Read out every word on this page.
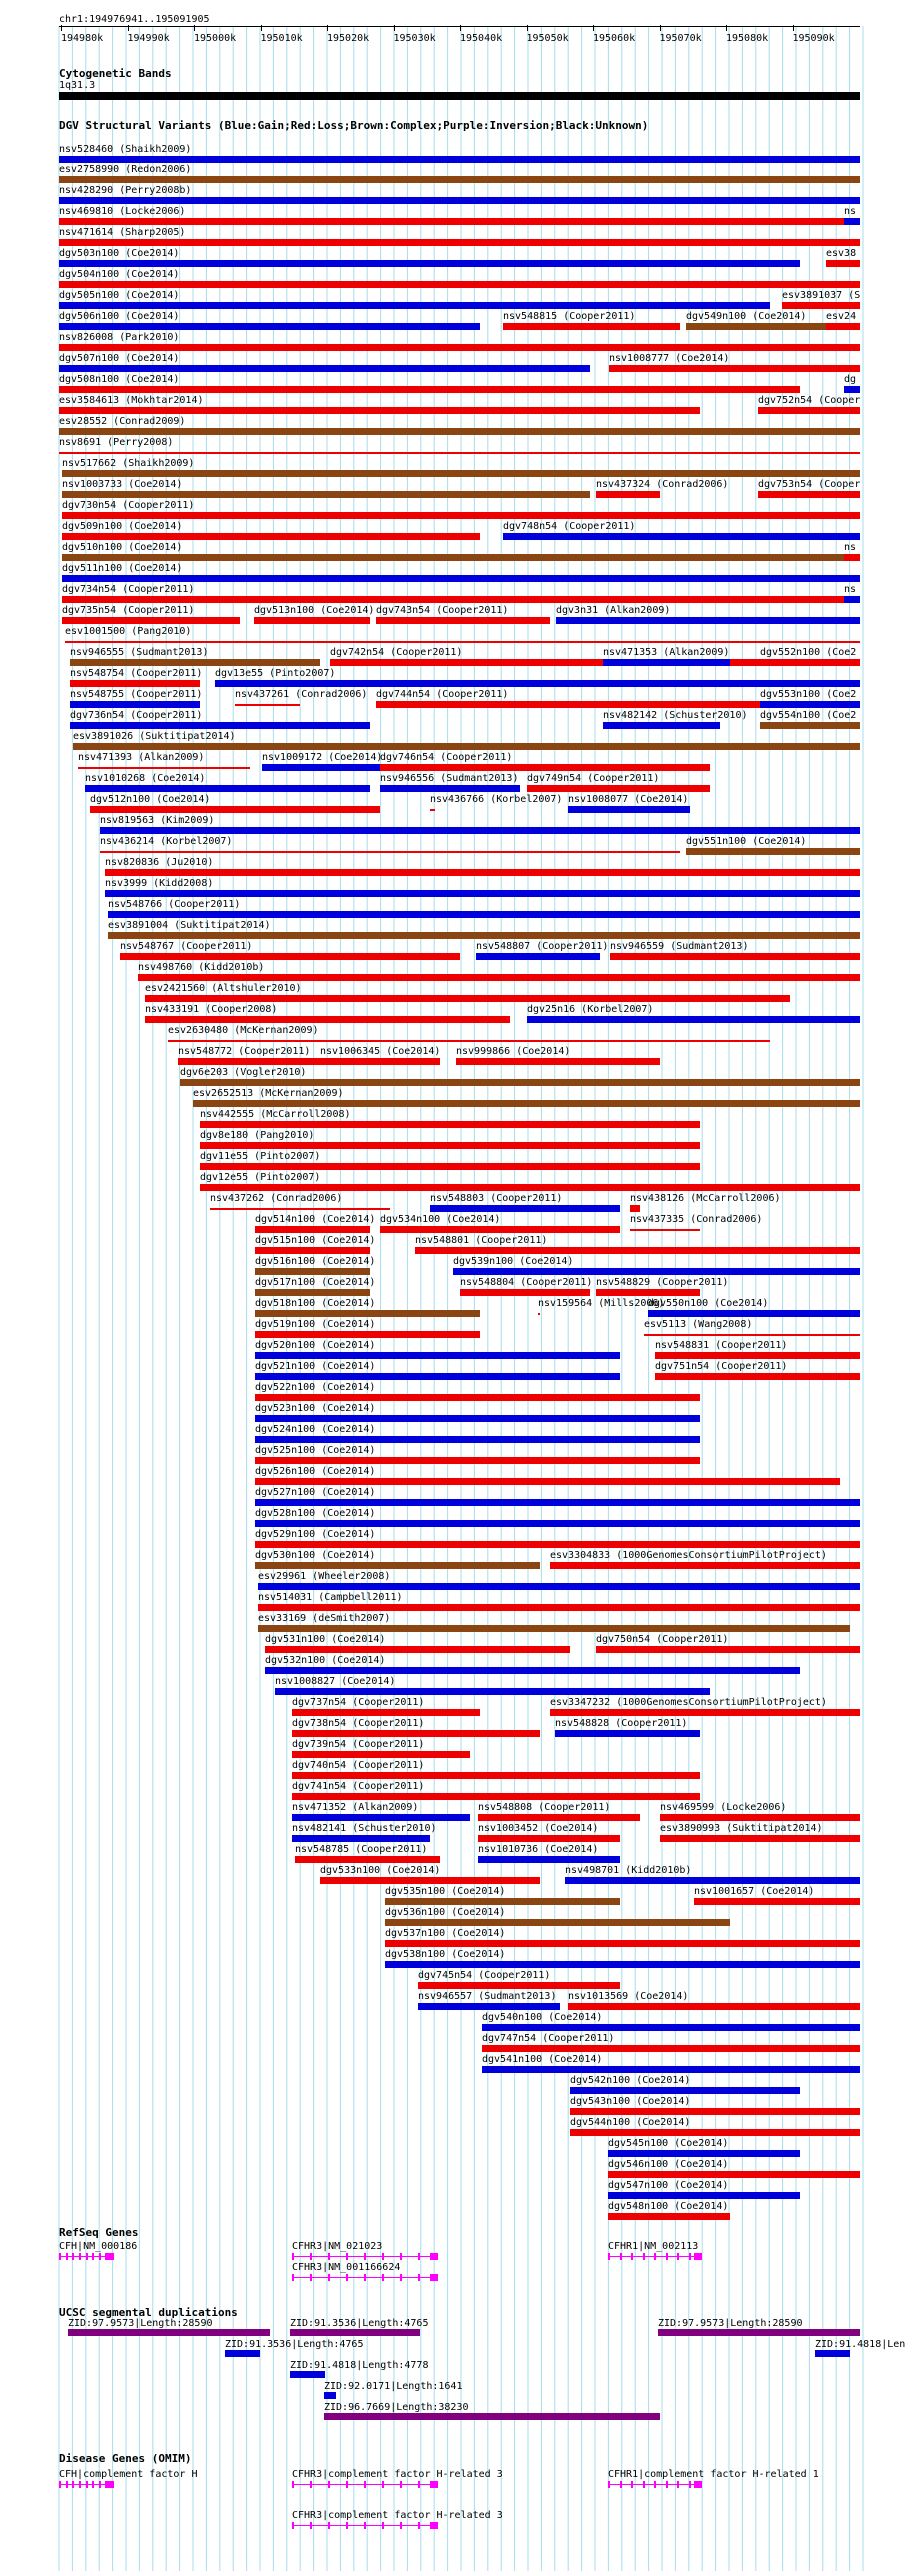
chr1:194976941..195091905
194980k 194990k 195000k 195010k 195020k 195030k 195040k 195050k 195060k 195070k 195080k 195090k
Cytogenetic Bands
1q31.3
DGV Structural Variants (Blue:Gain;Red:Loss;Brown:Complex;Purple:Inversion;Black:Unknown)
nsv528460 (Shaikh2009)
esv2758990 (Redon2006)
nsv428290 (Perry2008b)
nsv469810 (Locke2006)	ns
nsv471614 (Sharp2005)
dgv503n100 (Coe2014)	esv38
dgv504n100 (Coe2014)
dgv505n100 (Coe2014)	esv3891037 (S
dgv506n100 (Coe2014)	nsv548815 (Cooper2011)	dgv549n100 (Coe2014) esv24
nsv826008 (Park2010)
dgv507n100 (Coe2014)	nsv1008777 (Coe2014)
dgv508n100 (Coe2014)	dg
esv3584613 (Mokhtar2014)	dgv752n54 (Cooper
esv28552 (Conrad2009)
nsv8691 (Perry2008)
nsv517662 (Shaikh2009)
nsv1003733 (Coe2014)	nsv437324 (Conrad2006)	dgv753n54 (Cooper
dgv730n54 (Cooper2011)
dgv509n100 (Coe2014)	dgv748n54 (Cooper2011)
dgv510n100 (Coe2014)	ns
dgv511n100 (Coe2014)
dgv734n54 (Cooper2011)	ns
dgv735n54 (Cooper2011)	dgv513n100 (Coe2014) dgv743n54 (Cooper2011)	dgv3n31 (Alkan2009)
esv1001500 (Pang2010)
nsv946555 (Sudmant2013)	dgv742n54 (Cooper2011)	nsv471353 (Alkan2009)	dgv552n100 (Coe2
nsv548754 (Cooper2011) dgv13e55 (Pinto2007)
nsv548755 (Cooper2011)	nsv437261 (Conrad2006) dgv744n54 (Cooper2011)	dgv553n100 (Coe2
dgv736n54 (Cooper2011)	nsv482142 (Schuster2010) dgv554n100 (Coe2
esv3891026 (Suktitipat2014)
nsv471393 (Alkan2009)	nsv1009172 (Coe2014)
dgv746n54 (Cooper2011)
nsv1010268 (Coe2014)	nsv946556 (Sudmant2013) dgv749n54 (Cooper2011)
dgv512n100 (Coe2014)	nsv436766 (Korbel2007) nsv1008077 (Coe2014)
nsv819563 (Kim2009)
nsv436214 (Korbel2007)	dgv551n100 (Coe2014)
nsv820836 (Ju2010)
nsv3999 (Kidd2008)
nsv548766 (Cooper2011)
esv3891004 (Suktitipat2014)
nsv548767 (Cooper2011)	nsv548807 (Cooper2011) nsv946559 (Sudmant2013)
nsv498760 (Kidd2010b)
esv2421560 (Altshuler2010)
nsv433191 (Cooper2008)	dgv25n16 (Korbel2007)
esv2630480 (McKernan2009)
nsv548772 (Cooper2011) nsv1006345 (Coe2014) nsv999866 (Coe2014)
dgv6e203 (Vogler2010)
esv2652513 (McKernan2009)
nsv442555 (McCarroll2008)
dgv8e180 (Pang2010)
dgv11e55 (Pinto2007)
dgv12e55 (Pinto2007)
nsv437262 (Conrad2006)	nsv548803 (Cooper2011)	nsv438126 (McCarroll2006)
dgv514n100 (Coe2014) dgv534n100 (Coe2014)	nsv437335 (Conrad2006)
dgv515n100 (Coe2014)	nsv548801 (Cooper2011)
dgv516n100 (Coe2014)	dgv539n100 (Coe2014)
dgv517n100 (Coe2014)	nsv548804 (Cooper2011) nsv548829 (Cooper2011)
dgv518n100 (Coe2014)	nsv159564 (Mills2006)
dgv550n100 (Coe2014)
dgv519n100 (Coe2014)	esv5113 (Wang2008)
dgv520n100 (Coe2014)	nsv548831 (Cooper2011)
dgv521n100 (Coe2014)	dgv751n54 (Cooper2011)
dgv522n100 (Coe2014)
dgv523n100 (Coe2014)
dgv524n100 (Coe2014)
dgv525n100 (Coe2014)
dgv526n100 (Coe2014)
dgv527n100 (Coe2014)
dgv528n100 (Coe2014)
dgv529n100 (Coe2014)
dgv530n100 (Coe2014)	esv3304833 (1000GenomesConsortiumPilotProject)
esv29961 (Wheeler2008)
nsv514031 (Campbell2011)
esv33169 (deSmith2007)
dgv531n100 (Coe2014)	dgv750n54 (Cooper2011)
dgv532n100 (Coe2014)
nsv1008827 (Coe2014)
dgv737n54 (Cooper2011)	esv3347232 (1000GenomesConsortiumPilotProject)
dgv738n54 (Cooper2011)	nsv548828 (Cooper2011)
dgv739n54 (Cooper2011)
dgv740n54 (Cooper2011)
dgv741n54 (Cooper2011)
nsv471352 (Alkan2009)	nsv548808 (Cooper2011)	nsv469599 (Locke2006)
nsv482141 (Schuster2010)	nsv1003452 (Coe2014)	esv3890993 (Suktitipat2014)
nsv548785 (Cooper2011)	nsv1010736 (Coe2014)
dgv533n100 (Coe2014)	nsv498701 (Kidd2010b)
dgv535n100 (Coe2014)	nsv1001657 (Coe2014)
dgv536n100 (Coe2014)
dgv537n100 (Coe2014)
dgv538n100 (Coe2014)
dgv745n54 (Cooper2011)
nsv946557 (Sudmant2013) nsv1013569 (Coe2014)
dgv540n100 (Coe2014)
dgv747n54 (Cooper2011)
dgv541n100 (Coe2014)
dgv542n100 (Coe2014)
dgv543n100 (Coe2014)
dgv544n100 (Coe2014)
dgv545n100 (Coe2014)
dgv546n100 (Coe2014)
dgv547n100 (Coe2014)
dgv548n100 (Coe2014)
RefSeq Genes
CFH|NM_000186	CFHR3|NM_021023	CFHR1|NM_002113
CFHR3|NM_001166624
UCSC segmental duplications
ZID:97.9573|Length:28590	ZID:91.3536|Length:4765	ZID:97.9573|Length:28590
ZID:91.3536|Length:4765	ZID:91.4818|Len
ZID:91.4818|Length:4778
ZID:92.0171|Length:1641
ZID:96.7669|Length:38230
Disease Genes (OMIM)
CFH|complement factor H	CFHR3|complement factor H-related 3	CFHR1|complement factor H-related 1
CFHR3|complement factor H-related 3
